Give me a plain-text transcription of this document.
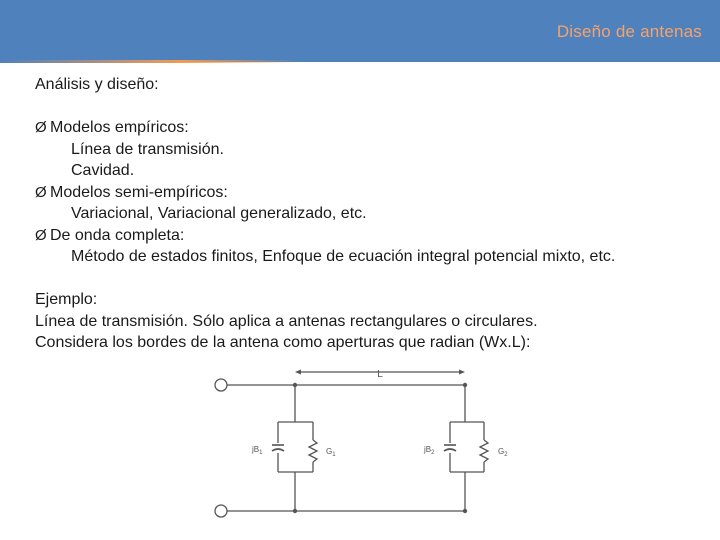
Diseño de antenas
Análisis y diseño:
Ø Modelos empíricos:
Línea de transmisión.
Cavidad.
Ø Modelos semi-empíricos:
Variacional, Variacional generalizado, etc.
Ø De onda completa:
Método de estados finitos, Enfoque de ecuación integral potencial mixto, etc.
Ejemplo:
Línea de transmisión. Sólo aplica a antenas rectangulares o circulares.
Considera los bordes de la antena como aperturas que radian (Wx.L):
L
$jB_1$	$G_1$
$jB_2$	$G_2$
